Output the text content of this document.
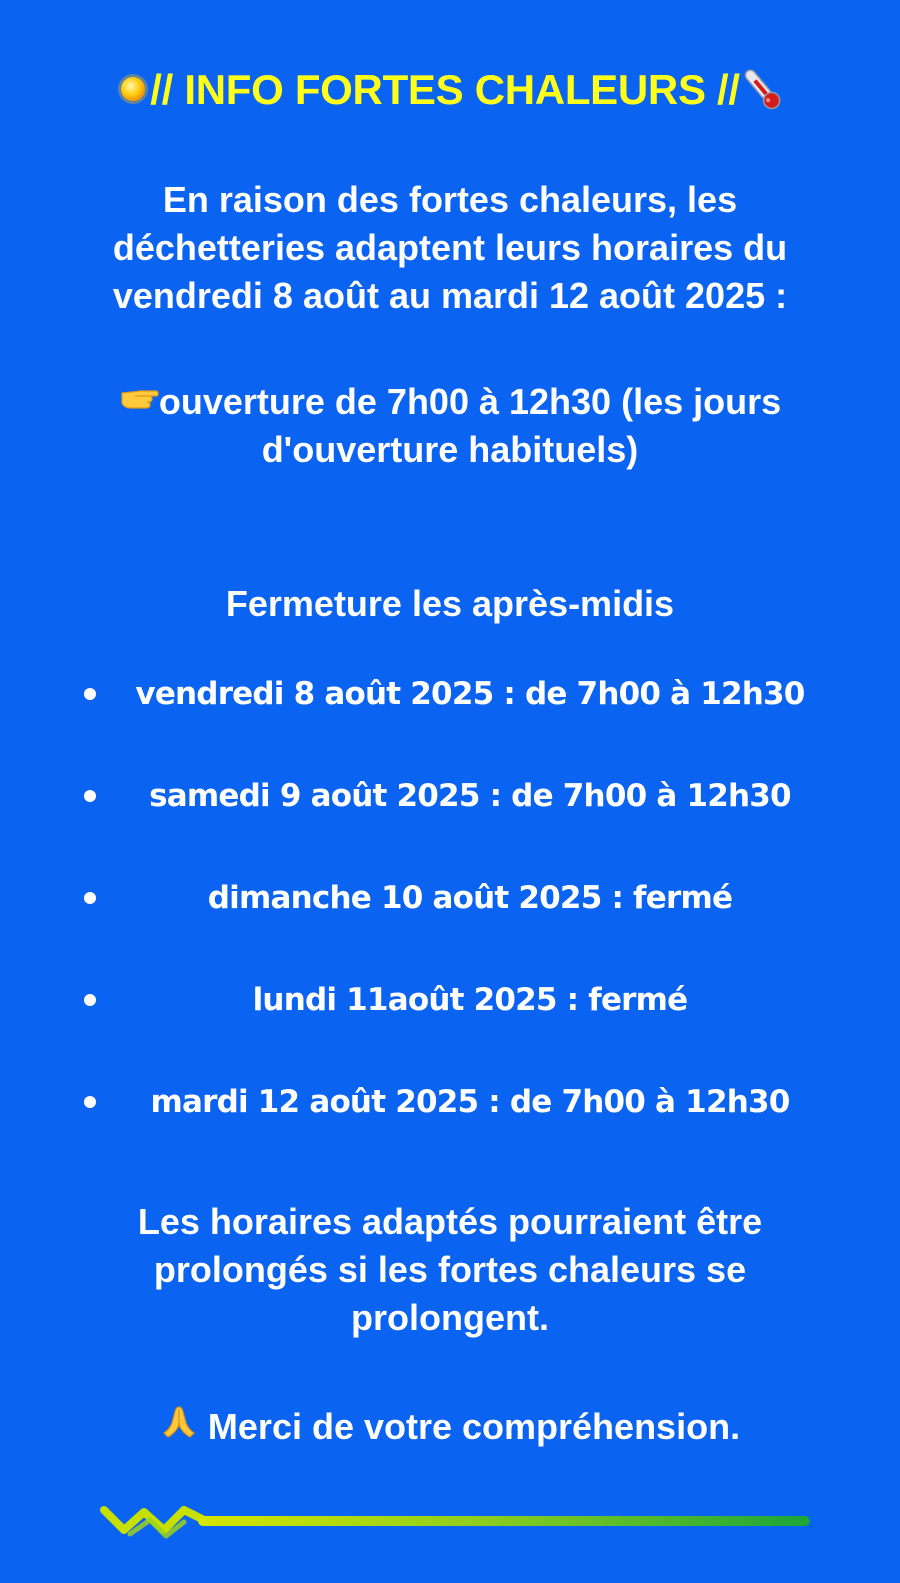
// INFO FORTES CHALEURS //
En raison des fortes chaleurs, les déchetteries adaptent leurs horaires du vendredi 8 août au mardi 12 août 2025 :
ouverture de 7h00 à 12h30 (les jours d'ouverture habituels)
Fermeture les après-midis
vendredi 8 août 2025 : de 7h00 à 12h30
samedi 9 août 2025 : de 7h00 à 12h30
dimanche 10 août 2025 : fermé
lundi 11août 2025 : fermé
mardi 12 août 2025 : de 7h00 à 12h30
Les horaires adaptés pourraient être prolongés si les fortes chaleurs se prolongent.
Merci de votre compréhension.
